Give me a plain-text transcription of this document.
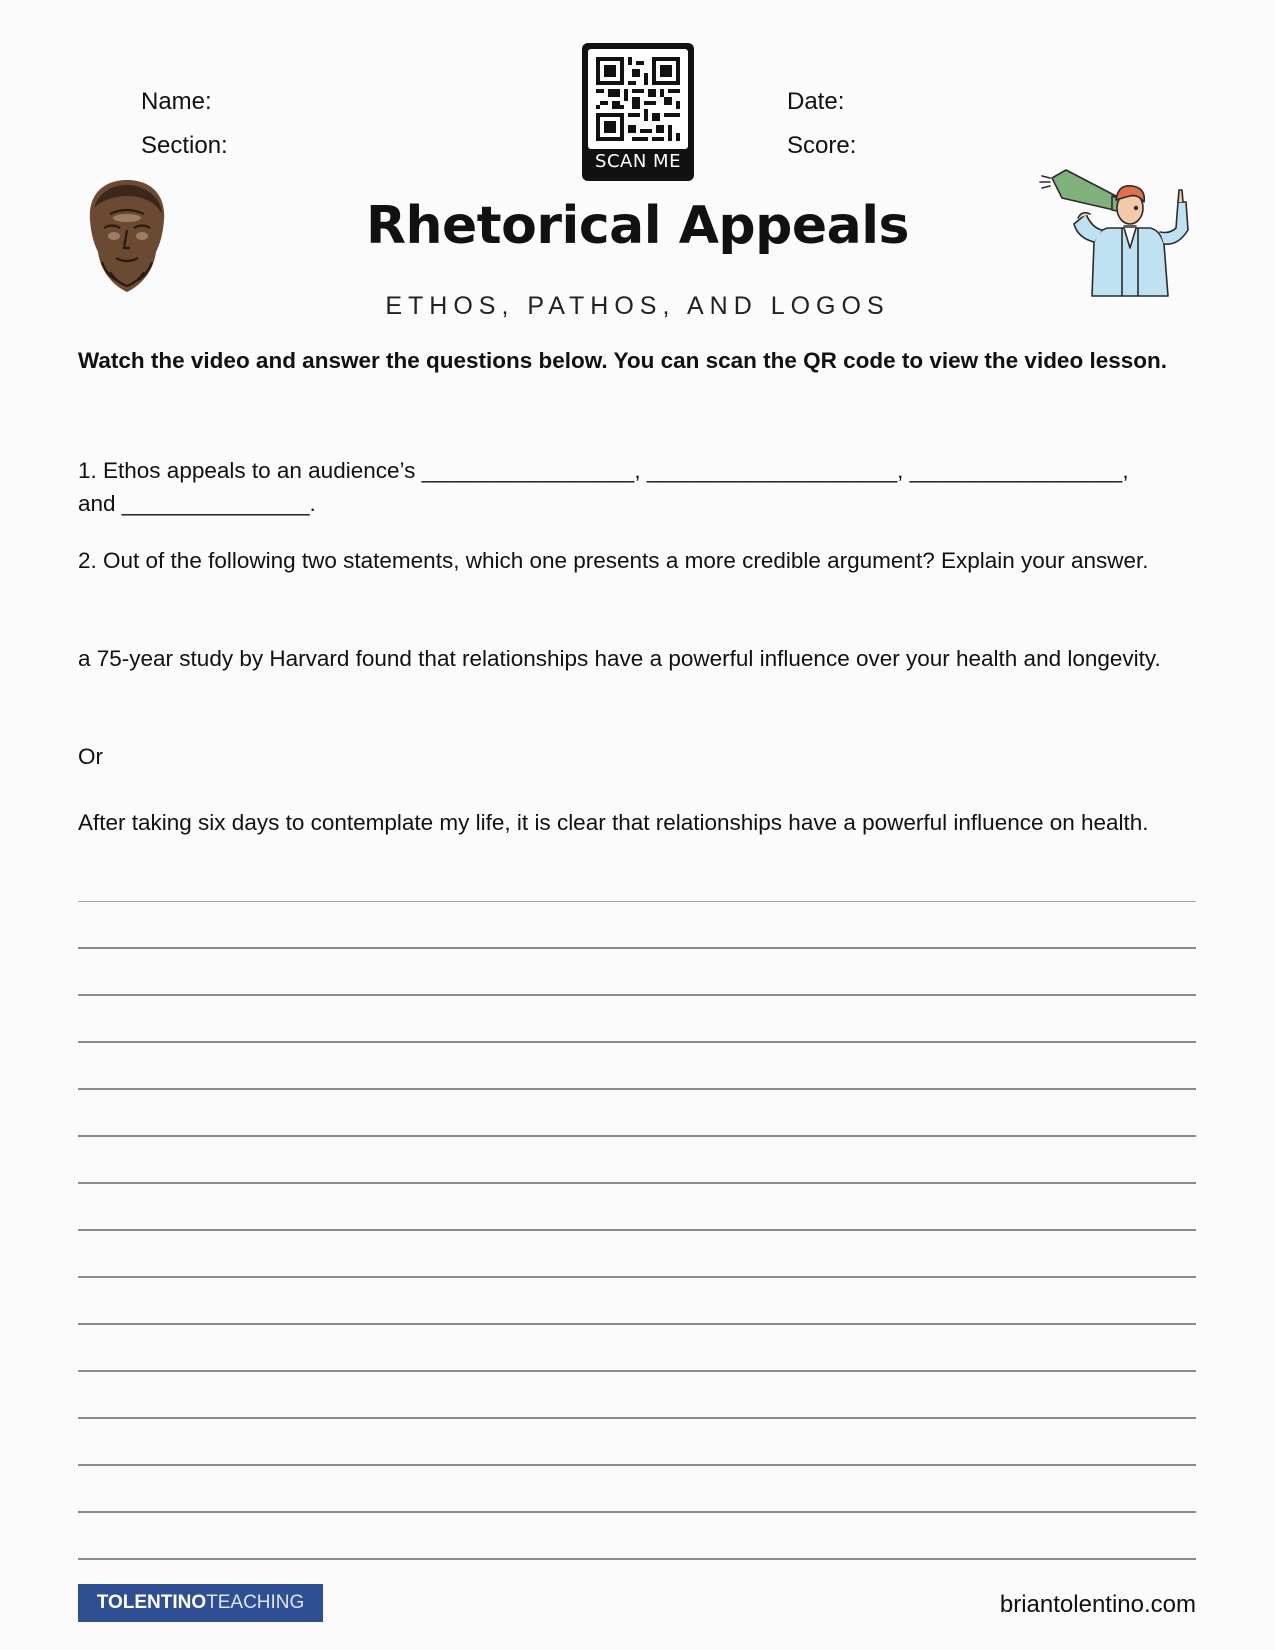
Name:
Section:
Date:
Score:
SCAN ME
Rhetorical Appeals
ETHOS, PATHOS, AND LOGOS
Watch the video and answer the questions below. You can scan the QR code to view the video lesson.
1. Ethos appeals to an audience’s _________________, ____________________, _________________,
and _______________.
2. Out of the following two statements, which one presents a more credible argument? Explain your answer.
a 75-year study by Harvard found that relationships have a powerful influence over your health and longevity.
Or
After taking six days to contemplate my life, it is clear that relationships have a powerful influence on health.
TOLENTINO TEACHING	briantolentino.com
